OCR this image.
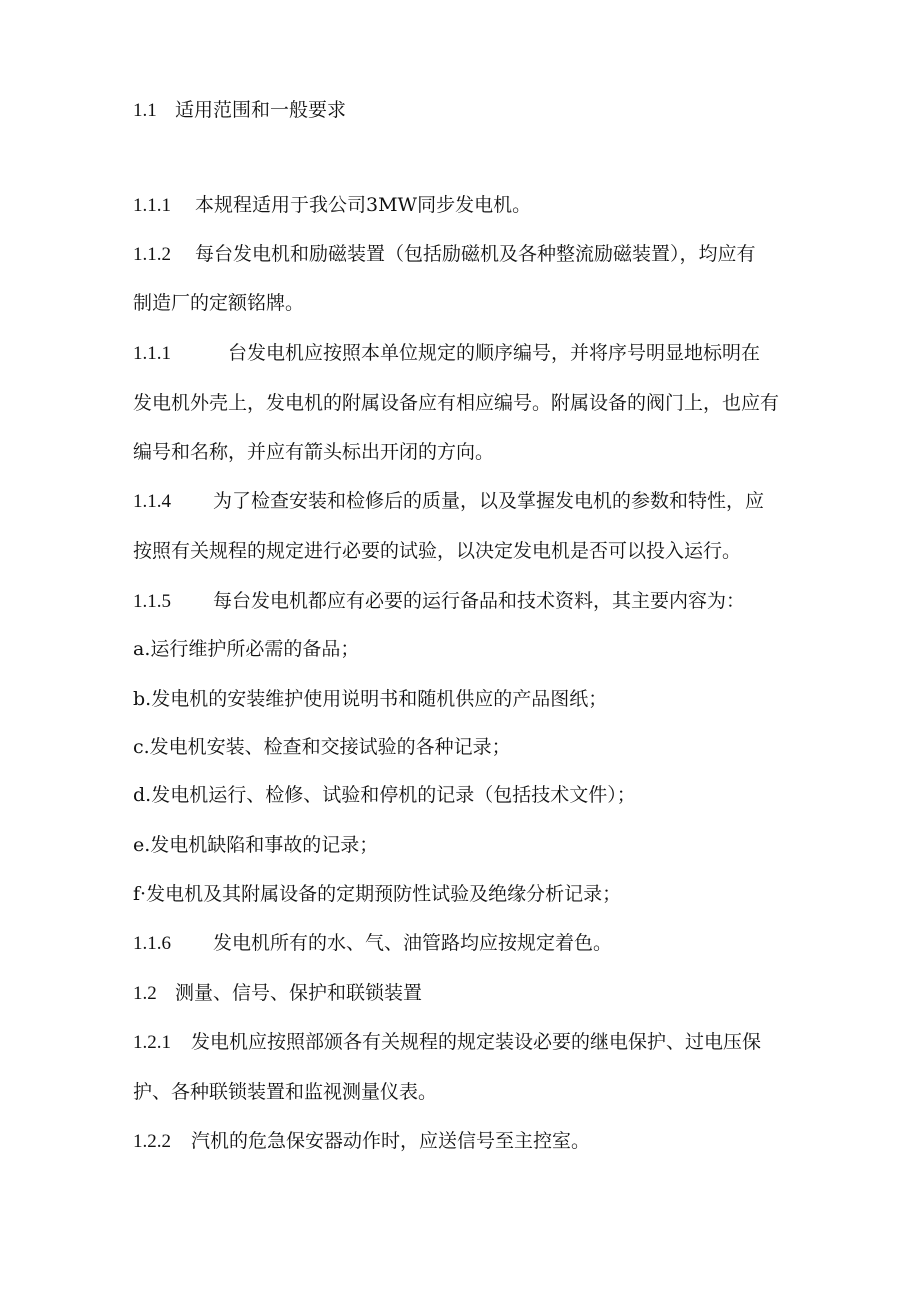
1.1 适用范围和一般要求
1.1.1 本规程适用于我公司3MW同步发电机。
1.1.2 每台发电机和励磁装置（包括励磁机及各种整流励磁装置），均应有
制造厂的定额铭牌。
1.1.1	台发电机应按照本单位规定的顺序编号，并将序号明显地标明在
发电机外壳上，发电机的附属设备应有相应编号。附属设备的阀门上，也应有
编号和名称，并应有箭头标出开闭的方向。
1.1.4 为了检查安装和检修后的质量，以及掌握发电机的参数和特性，应
按照有关规程的规定进行必要的试验，以决定发电机是否可以投入运行。
1.1.5 每台发电机都应有必要的运行备品和技术资料，其主要内容为：
a.运行维护所必需的备品；
b.发电机的安装维护使用说明书和随机供应的产品图纸；
c.发电机安装、检查和交接试验的各种记录；
d.发电机运行、检修、试验和停机的记录（包括技术文件）；
e.发电机缺陷和事故的记录；
f·发电机及其附属设备的定期预防性试验及绝缘分析记录；
1.1.6 发电机所有的水、气、油管路均应按规定着色。
1.2 测量、信号、保护和联锁装置
1.2.1 发电机应按照部颁各有关规程的规定装设必要的继电保护、过电压保
护、各种联锁装置和监视测量仪表。
1.2.2 汽机的危急保安器动作时，应送信号至主控室。
